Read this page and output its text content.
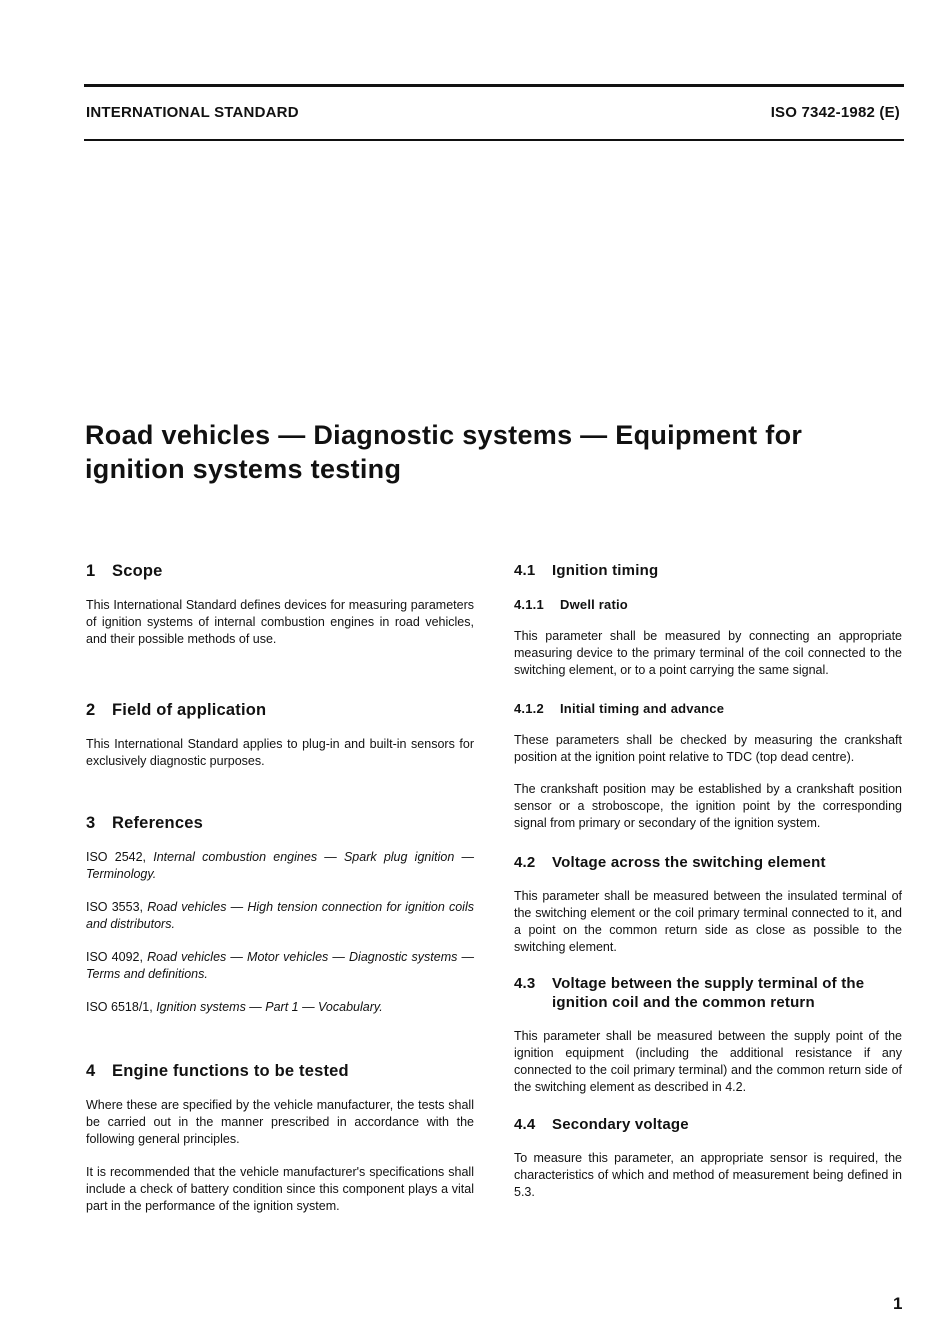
INTERNATIONAL STANDARD	ISO 7342-1982 (E)
Road vehicles — Diagnostic systems — Equipment for
ignition systems testing
1 Scope

This International Standard defines devices for measuring parameters of ignition systems of internal combustion engines in road vehicles, and their possible methods of use.

2 Field of application

This International Standard applies to plug-in and built-in sensors for exclusively diagnostic purposes.

3 References

ISO 2542, Internal combustion engines — Spark plug ignition — Terminology.

ISO 3553, Road vehicles — High tension connection for ignition coils and distributors.

ISO 4092, Road vehicles — Motor vehicles — Diagnostic systems — Terms and definitions.

ISO 6518/1, Ignition systems — Part 1 — Vocabulary.

4 Engine functions to be tested

Where these are specified by the vehicle manufacturer, the tests shall be carried out in the manner prescribed in accordance with the following general principles.

It is recommended that the vehicle manufacturer's specifications shall include a check of battery condition since this component plays a vital part in the performance of the ignition system.

4.1 Ignition timing
4.1.1 Dwell ratio

This parameter shall be measured by connecting an appropriate measuring device to the primary terminal of the coil connected to the switching element, or to a point carrying the same signal.

4.1.2 Initial timing and advance

These parameters shall be checked by measuring the crankshaft position at the ignition point relative to TDC (top dead centre).

The crankshaft position may be established by a crankshaft position sensor or a stroboscope, the ignition point by the corresponding signal from primary or secondary of the ignition system.

4.2 Voltage across the switching element

This parameter shall be measured between the insulated terminal of the switching element or the coil primary terminal connected to it, and a point on the common return side as close as possible to the switching element.

4.3	Voltage between the supply terminal of the ignition coil and the common return

This parameter shall be measured between the supply point of the ignition equipment (including the additional resistance if any connected to the coil primary terminal) and the common return side of the switching element as described in 4.2.

4.4 Secondary voltage

To measure this parameter, an appropriate sensor is required, the characteristics of which and method of measurement being defined in 5.3.

1
